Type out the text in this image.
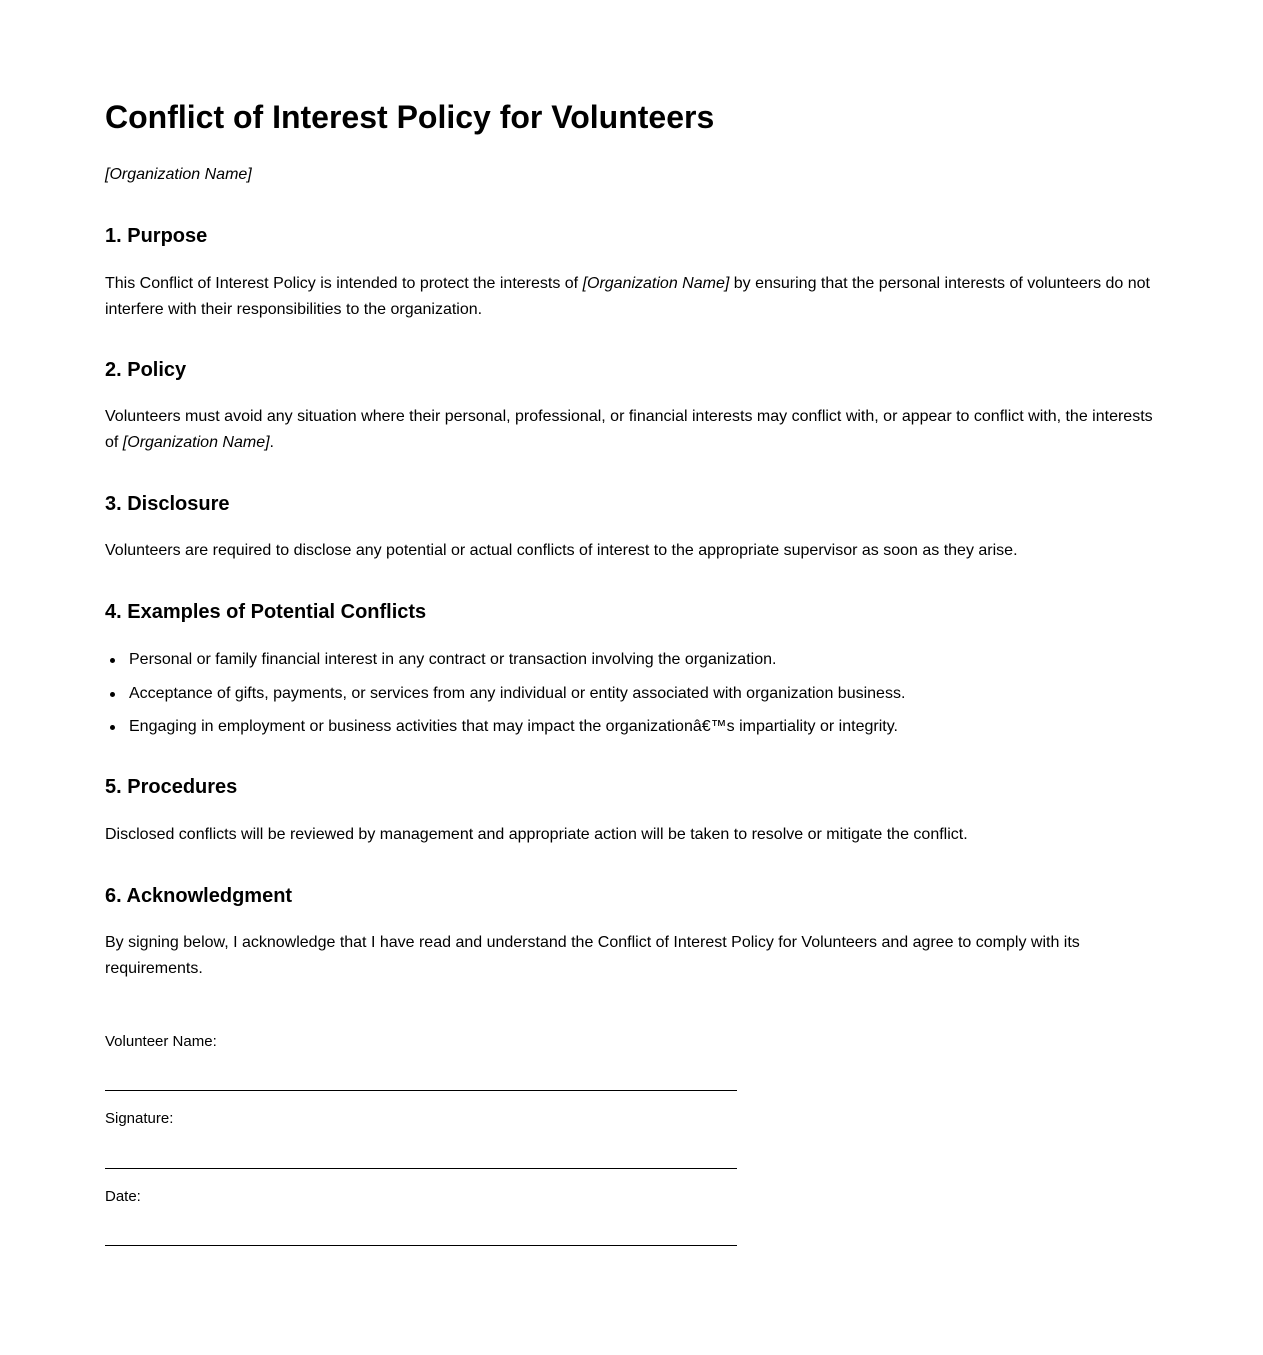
Conflict of Interest Policy for Volunteers

[Organization Name]

1. Purpose

This Conflict of Interest Policy is intended to protect the interests of [Organization Name] by ensuring that the personal interests of volunteers do not interfere with their responsibilities to the organization.

2. Policy

Volunteers must avoid any situation where their personal, professional, or financial interests may conflict with, or appear to conflict with, the interests of [Organization Name].

3. Disclosure

Volunteers are required to disclose any potential or actual conflicts of interest to the appropriate supervisor as soon as they arise.

4. Examples of Potential Conflicts
Personal or family financial interest in any contract or transaction involving the organization.
Acceptance of gifts, payments, or services from any individual or entity associated with organization business.
Engaging in employment or business activities that may impact the organizationâ€™s impartiality or integrity.
5. Procedures

Disclosed conflicts will be reviewed by management and appropriate action will be taken to resolve or mitigate the conflict.

6. Acknowledgment

By signing below, I acknowledge that I have read and understand the Conflict of Interest Policy for Volunteers and agree to comply with its requirements.

Volunteer Name:
Signature:
Date:
